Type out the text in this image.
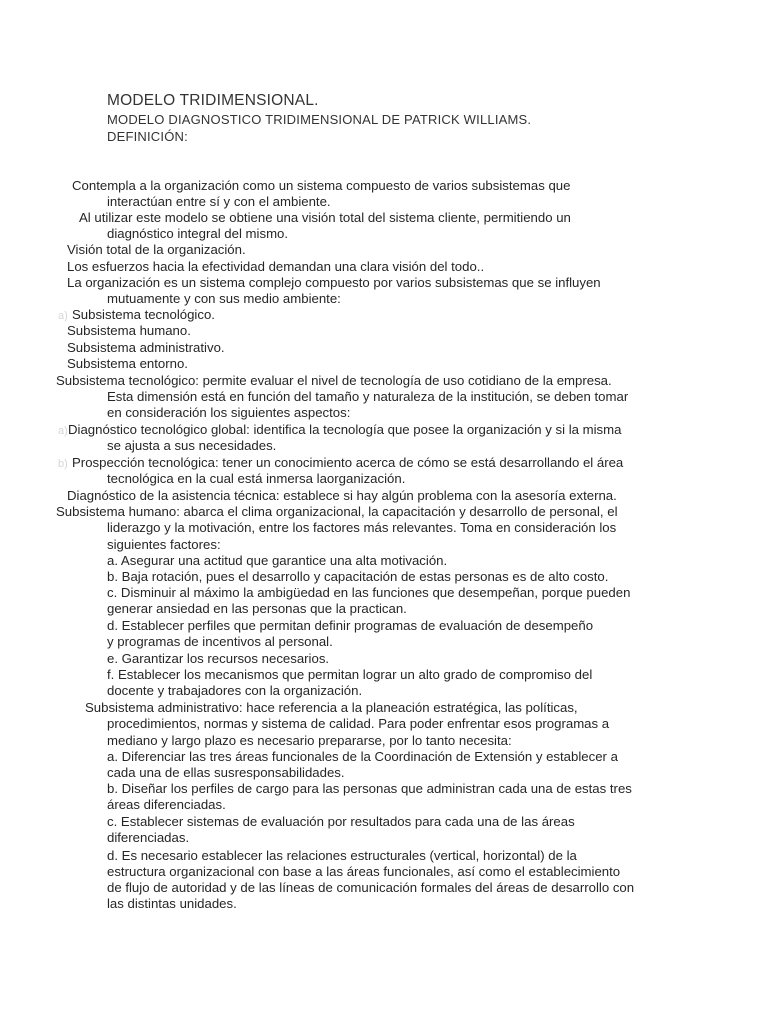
MODELO TRIDIMENSIONAL.
MODELO DIAGNOSTICO TRIDIMENSIONAL DE PATRICK WILLIAMS.
DEFINICIÓN:
Contempla a la organización como un sistema compuesto de varios subsistemas que
interactúan entre sí y con el ambiente.
Al utilizar este modelo se obtiene una visión total del sistema cliente, permitiendo un
diagnóstico integral del mismo.
Visión total de la organización.
Los esfuerzos hacia la efectividad demandan una clara visión del todo..
La organización es un sistema complejo compuesto por varios subsistemas que se influyen
mutuamente y con sus medio ambiente:
a) Subsistema tecnológico.
Subsistema humano.
Subsistema administrativo.
Subsistema entorno.
Subsistema tecnológico: permite evaluar el nivel de tecnología de uso cotidiano de la empresa.
Esta dimensión está en función del tamaño y naturaleza de la institución, se deben tomar
en consideración los siguientes aspectos:
a) Diagnóstico tecnológico global: identifica la tecnología que posee la organización y si la misma
se ajusta a sus necesidades.
b) Prospección tecnológica: tener un conocimiento acerca de cómo se está desarrollando el área
tecnológica en la cual está inmersa laorganización.
Diagnóstico de la asistencia técnica: establece si hay algún problema con la asesoría externa.
Subsistema humano: abarca el clima organizacional, la capacitación y desarrollo de personal, el
liderazgo y la motivación, entre los factores más relevantes. Toma en consideración los
siguientes factores:
a. Asegurar una actitud que garantice una alta motivación.
b. Baja rotación, pues el desarrollo y capacitación de estas personas es de alto costo.
c. Disminuir al máximo la ambigüedad en las funciones que desempeñan, porque pueden
generar ansiedad en las personas que la practican.
d. Establecer perfiles que permitan definir programas de evaluación de desempeño
y programas de incentivos al personal.
e. Garantizar los recursos necesarios.
f. Establecer los mecanismos que permitan lograr un alto grado de compromiso del
docente y trabajadores con la organización.
Subsistema administrativo: hace referencia a la planeación estratégica, las políticas,
procedimientos, normas y sistema de calidad. Para poder enfrentar esos programas a
mediano y largo plazo es necesario prepararse, por lo tanto necesita:
a. Diferenciar las tres áreas funcionales de la Coordinación de Extensión y establecer a
cada una de ellas susresponsabilidades.
b. Diseñar los perfiles de cargo para las personas que administran cada una de estas tres
áreas diferenciadas.
c. Establecer sistemas de evaluación por resultados para cada una de las áreas
diferenciadas.
d. Es necesario establecer las relaciones estructurales (vertical, horizontal) de la
estructura organizacional con base a las áreas funcionales, así como el establecimiento
de flujo de autoridad y de las líneas de comunicación formales del áreas de desarrollo con
las distintas unidades.
